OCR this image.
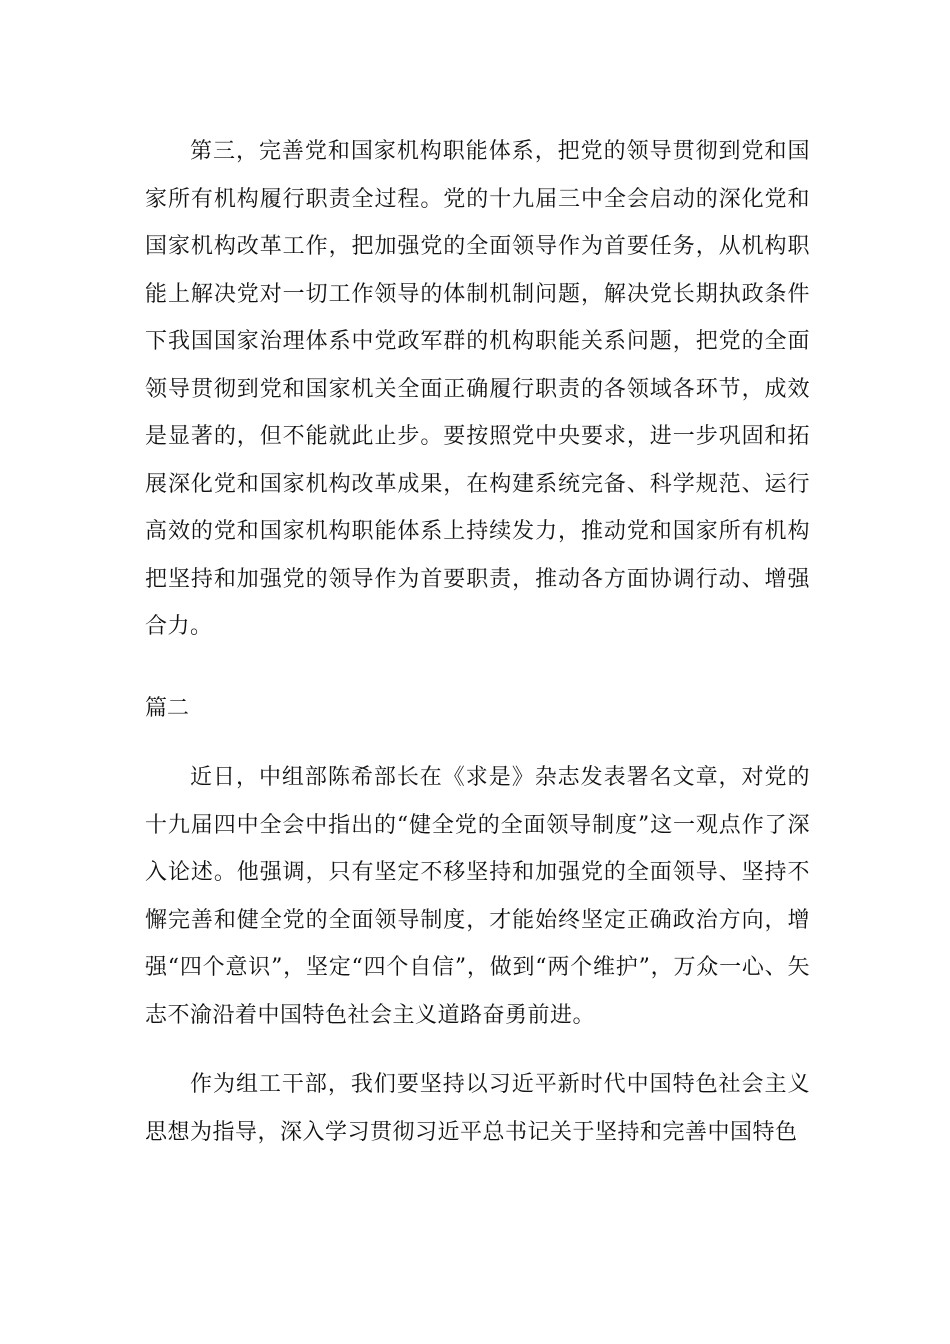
第三，完善党和国家机构职能体系，把党的领导贯彻到党和国家所有机构履行职责全过程。党的十九届三中全会启动的深化党和国家机构改革工作，把加强党的全面领导作为首要任务，从机构职能上解决党对一切工作领导的体制机制问题，解决党长期执政条件下我国国家治理体系中党政军群的机构职能关系问题，把党的全面领导贯彻到党和国家机关全面正确履行职责的各领域各环节，成效是显著的，但不能就此止步。要按照党中央要求，进一步巩固和拓展深化党和国家机构改革成果，在构建系统完备、科学规范、运行高效的党和国家机构职能体系上持续发力，推动党和国家所有机构把坚持和加强党的领导作为首要职责，推动各方面协调行动、增强合力。

篇二

近日，中组部陈希部长在《求是》杂志发表署名文章，对党的十九届四中全会中指出的“健全党的全面领导制度”这一观点作了深入论述。他强调，只有坚定不移坚持和加强党的全面领导、坚持不懈完善和健全党的全面领导制度，才能始终坚定正确政治方向，增强“四个意识”，坚定“四个自信”，做到“两个维护”，万众一心、矢志不渝沿着中国特色社会主义道路奋勇前进。

作为组工干部，我们要坚持以习近平新时代中国特色社会主义思想为指导，深入学习贯彻习近平总书记关于坚持和完善中国特色
